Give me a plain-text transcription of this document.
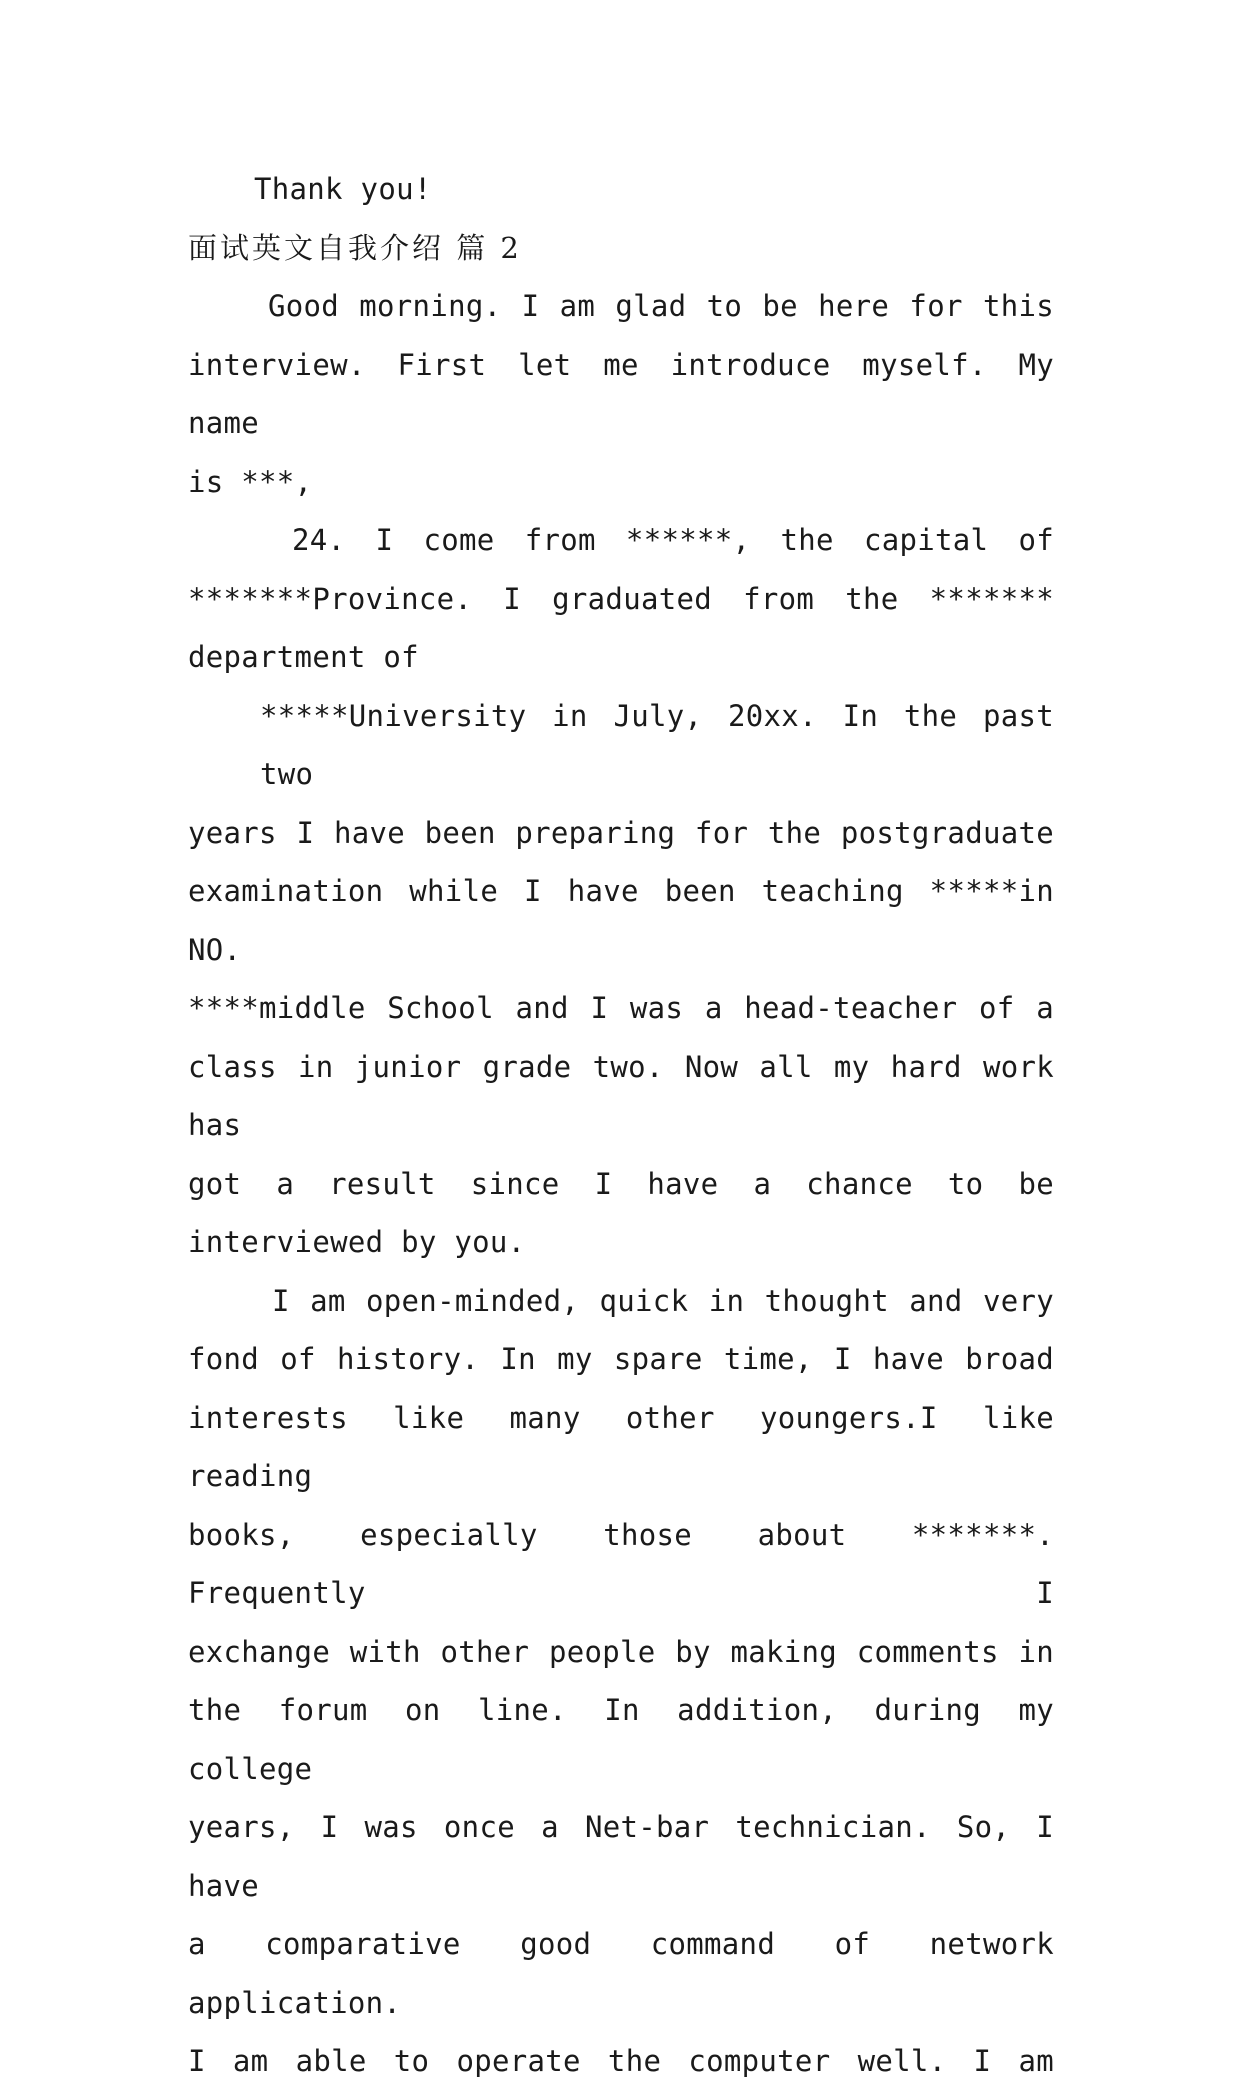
Thank you!

面试英文自我介绍 篇 2

Good morning. I am glad to be here for this
interview. First let me introduce myself. My name
is ***,
24. I come from ******, the capital of
*******Province. I graduated from the *******
department of
*****University in July, 20xx. In the past two
years I have been preparing for the postgraduate
examination while I have been teaching *****in NO.
****middle School and I was a head-teacher of a
class in junior grade two. Now all my hard work has
got a result since I have a chance to be
interviewed by you.
I am open-minded, quick in thought and very
fond of history. In my spare time, I have broad
interests like many other youngers.I like reading
books, especially those about *******. Frequently I
exchange with other people by making comments in
the forum on line. In addition, during my college
years, I was once a Net-bar technician. So, I have
a comparative good command of network application.
I am able to operate the computer well. I am
